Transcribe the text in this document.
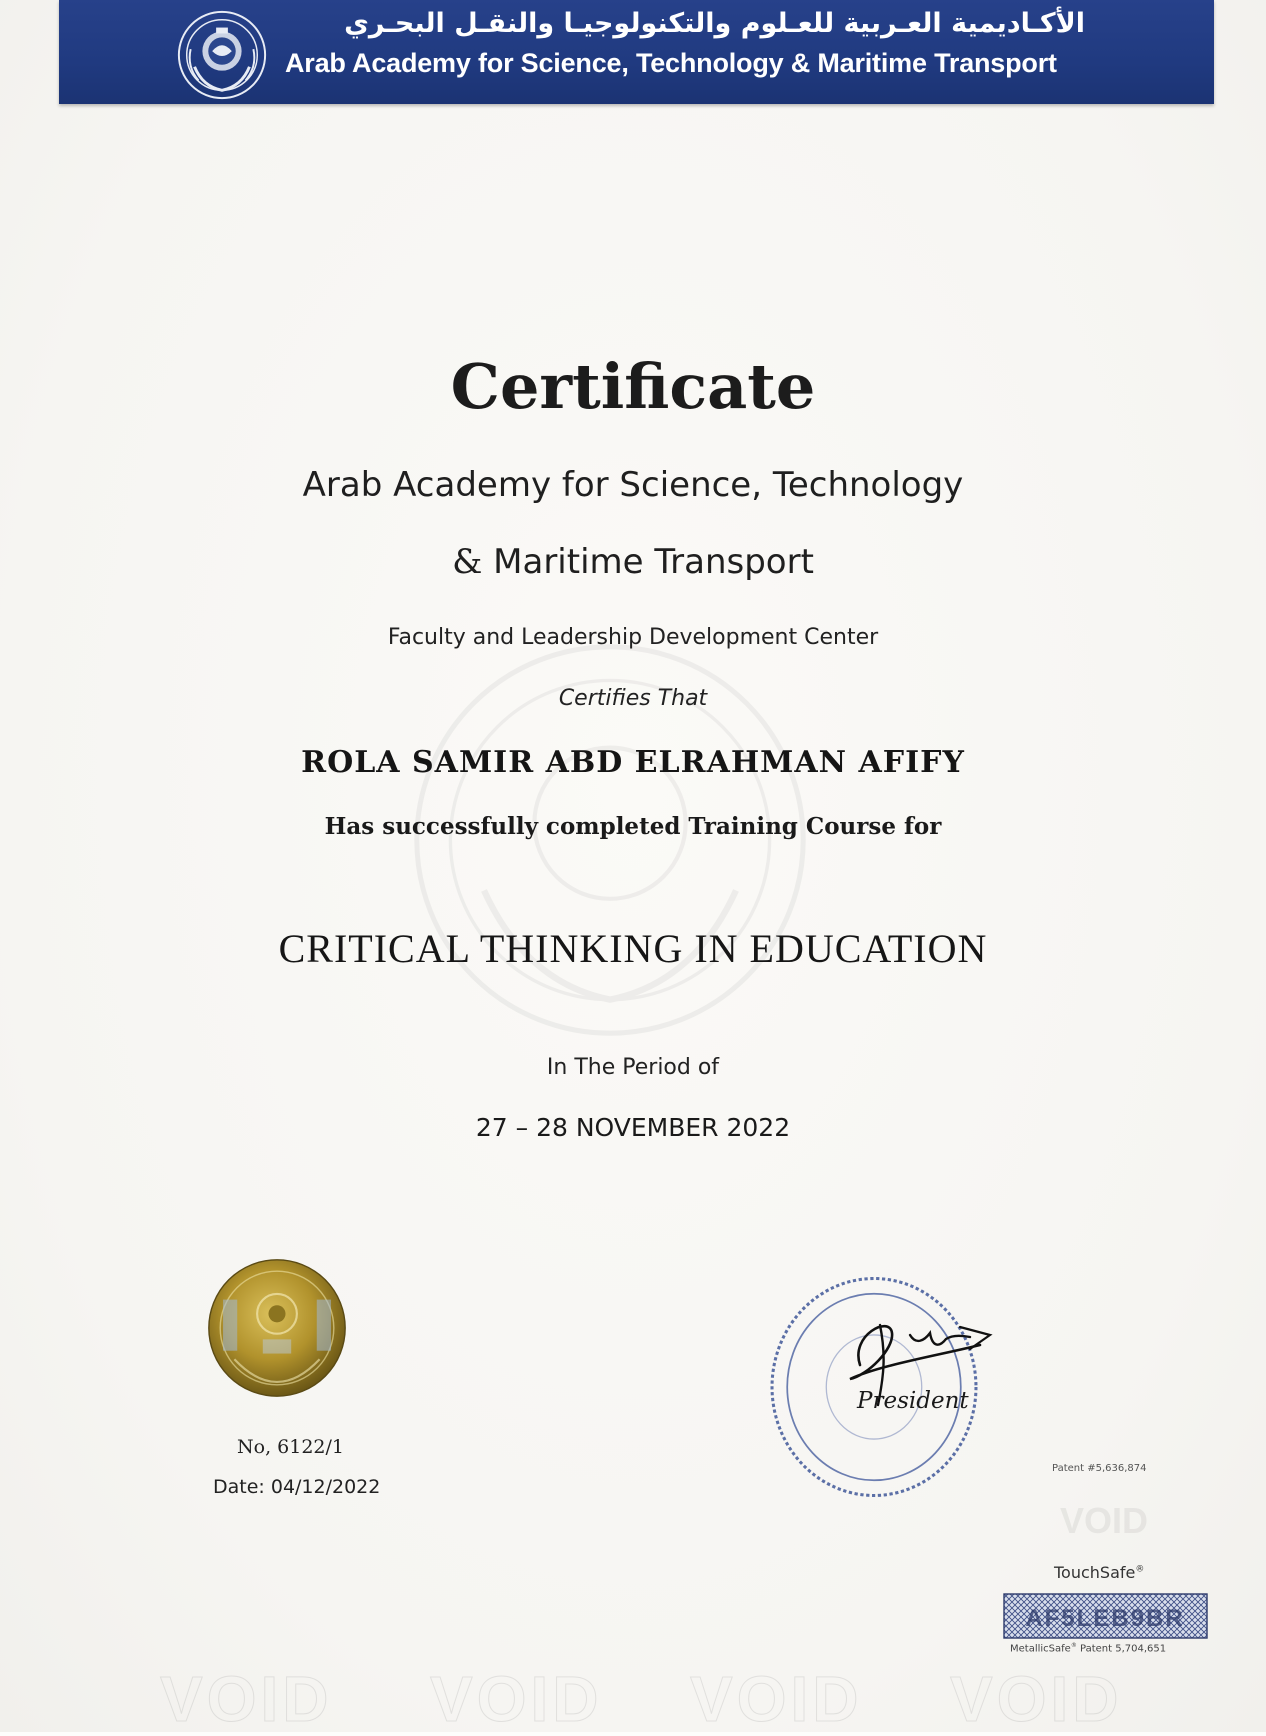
الأكـاديمية العـربية للعـلوم والتكنولوجيـا والنقـل البحـري
Arab Academy for Science, Technology & Maritime Transport
Certificate
Arab Academy for Science, Technology
& Maritime Transport
Faculty and Leadership Development Center
Certifies That
ROLA SAMIR ABD ELRAHMAN AFIFY
Has successfully completed Training Course for
CRITICAL THINKING IN EDUCATION
In The Period of
27 – 28 NOVEMBER 2022
No, 6122/1
Date: 04/12/2022
President
Patent #5,636,874
VOID
TouchSafe®
AF5LEB9BR
MetallicSafe® Patent 5,704,651
VOID VOID VOID VOID
